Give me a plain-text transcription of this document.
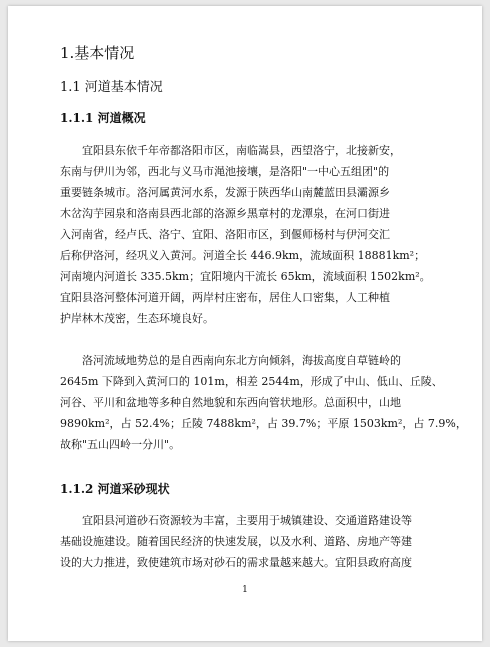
1.基本情况
1.1 河道基本情况
1.1.1 河道概况

宜阳县东依千年帝都洛阳市区，南临嵩县，西望洛宁，北接新安，
东南与伊川为邻，西北与义马市渑池接壤，是洛阳"一中心五组团"的
重要链条城市。洛河属黄河水系，发源于陕西华山南麓蓝田县灞源乡
木岔沟芋园泉和洛南县西北部的洛源乡黑章村的龙潭泉，在河口街进
入河南省，经卢氏、洛宁、宜阳、洛阳市区，到偃师杨村与伊河交汇
后称伊洛河，经巩义入黄河。河道全长 446.9km，流域面积 18881km²；
河南境内河道长 335.5km；宜阳境内干流长 65km，流域面积 1502km²。
宜阳县洛河整体河道开阔，两岸村庄密布，居住人口密集，人工种植
护岸林木茂密，生态环境良好。

洛河流域地势总的是自西南向东北方向倾斜，海拔高度自草链岭的
2645m 下降到入黄河口的 101m，相差 2544m，形成了中山、低山、丘陵、
河谷、平川和盆地等多种自然地貌和东西向管状地形。总面积中，山地
9890km²，占 52.4%；丘陵 7488km²，占 39.7%；平原 1503km²，占 7.9%，
故称"五山四岭一分川"。

1.1.2 河道采砂现状

宜阳县河道砂石资源较为丰富，主要用于城镇建设、交通道路建设等
基础设施建设。随着国民经济的快速发展，以及水利、道路、房地产等建
设的大力推进，致使建筑市场对砂石的需求量越来越大。宜阳县政府高度

1
